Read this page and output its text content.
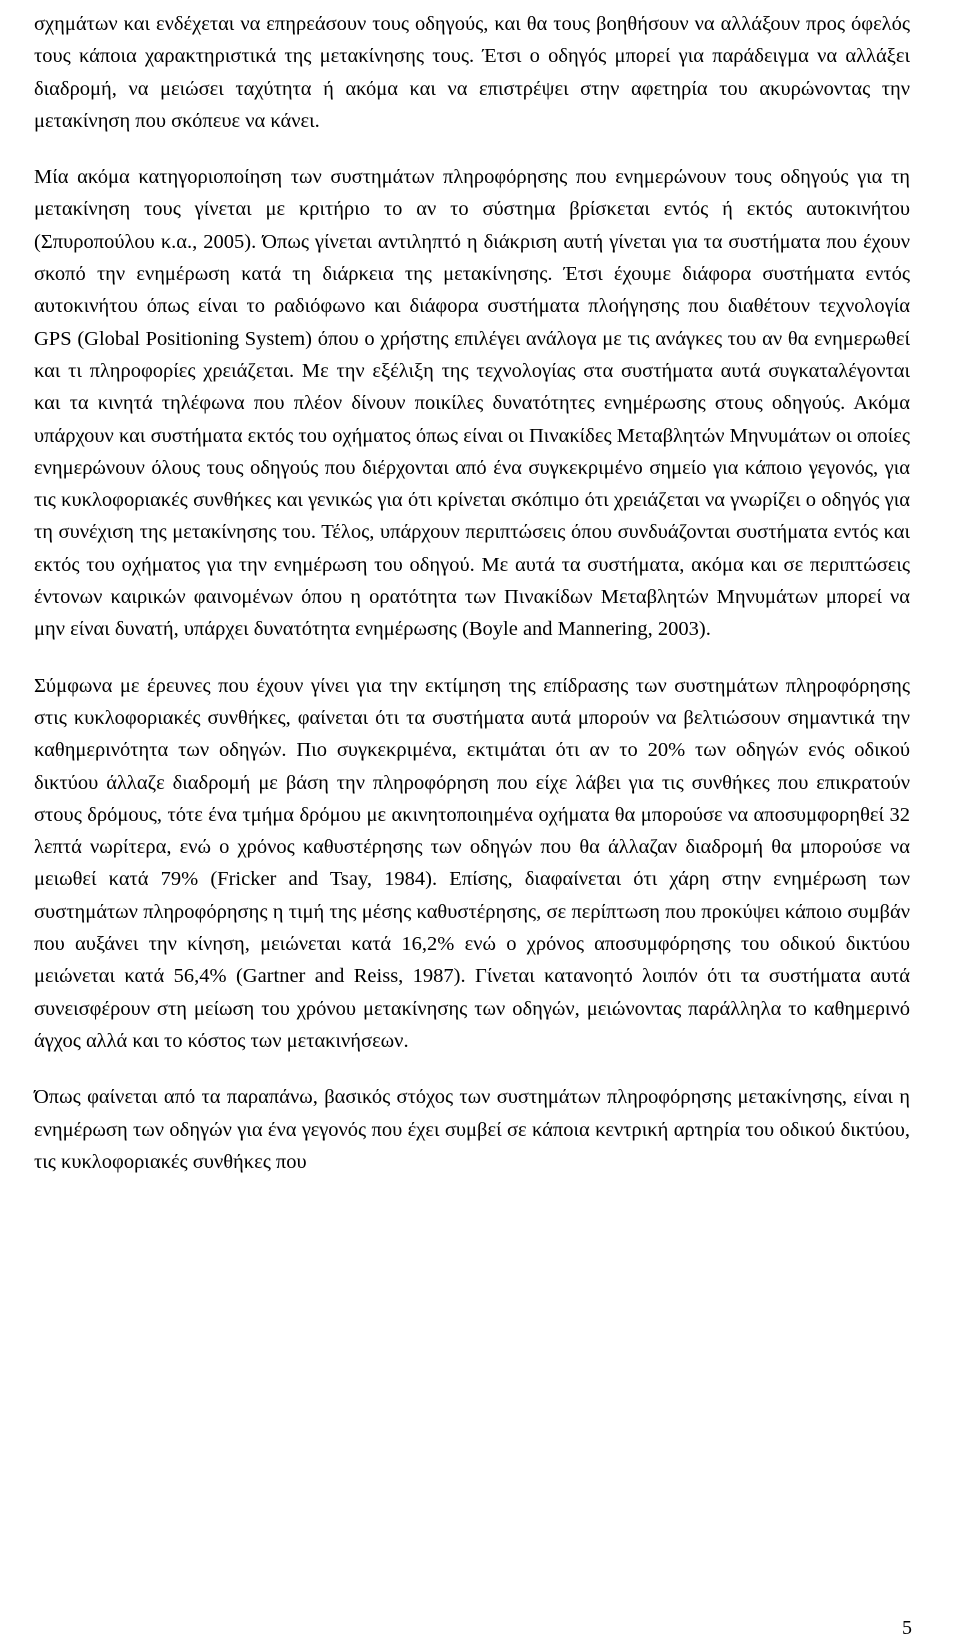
σχημάτων και ενδέχεται να επηρεάσουν τους οδηγούς, και θα τους βοηθήσουν να αλλάξουν προς όφελός τους κάποια χαρακτηριστικά της μετακίνησης τους. Έτσι ο οδηγός μπορεί για παράδειγμα να αλλάξει διαδρομή, να μειώσει ταχύτητα ή ακόμα και να επιστρέψει στην αφετηρία του ακυρώνοντας την μετακίνηση που σκόπευε να κάνει.

Μία ακόμα κατηγοριοποίηση των συστημάτων πληροφόρησης που ενημερώνουν τους οδηγούς για τη μετακίνηση τους γίνεται με κριτήριο το αν το σύστημα βρίσκεται εντός ή εκτός αυτοκινήτου (Σπυροπούλου κ.α., 2005). Όπως γίνεται αντιληπτό η διάκριση αυτή γίνεται για τα συστήματα που έχουν σκοπό την ενημέρωση κατά τη διάρκεια της μετακίνησης. Έτσι έχουμε διάφορα συστήματα εντός αυτοκινήτου όπως είναι το ραδιόφωνο και διάφορα συστήματα πλοήγησης που διαθέτουν τεχνολογία GPS (Global Positioning System) όπου ο χρήστης επιλέγει ανάλογα με τις ανάγκες του αν θα ενημερωθεί και τι πληροφορίες χρειάζεται. Με την εξέλιξη της τεχνολογίας στα συστήματα αυτά συγκαταλέγονται και τα κινητά τηλέφωνα που πλέον δίνουν ποικίλες δυνατότητες ενημέρωσης στους οδηγούς. Ακόμα υπάρχουν και συστήματα εκτός του οχήματος όπως είναι οι Πινακίδες Μεταβλητών Μηνυμάτων οι οποίες ενημερώνουν όλους τους οδηγούς που διέρχονται από ένα συγκεκριμένο σημείο για κάποιο γεγονός, για τις κυκλοφοριακές συνθήκες και γενικώς για ότι κρίνεται σκόπιμο ότι χρειάζεται να γνωρίζει ο οδηγός για τη συνέχιση της μετακίνησης του. Τέλος, υπάρχουν περιπτώσεις όπου συνδυάζονται συστήματα εντός και εκτός του οχήματος για την ενημέρωση του οδηγού. Με αυτά τα συστήματα, ακόμα και σε περιπτώσεις έντονων καιρικών φαινομένων όπου η ορατότητα των Πινακίδων Μεταβλητών Μηνυμάτων μπορεί να μην είναι δυνατή, υπάρχει δυνατότητα ενημέρωσης (Boyle and Mannering, 2003).

Σύμφωνα με έρευνες που έχουν γίνει για την εκτίμηση της επίδρασης των συστημάτων πληροφόρησης στις κυκλοφοριακές συνθήκες, φαίνεται ότι τα συστήματα αυτά μπορούν να βελτιώσουν σημαντικά την καθημερινότητα των οδηγών. Πιο συγκεκριμένα, εκτιμάται ότι αν το 20% των οδηγών ενός οδικού δικτύου άλλαζε διαδρομή με βάση την πληροφόρηση που είχε λάβει για τις συνθήκες που επικρατούν στους δρόμους, τότε ένα τμήμα δρόμου με ακινητοποιημένα οχήματα θα μπορούσε να αποσυμφορηθεί 32 λεπτά νωρίτερα, ενώ ο χρόνος καθυστέρησης των οδηγών που θα άλλαζαν διαδρομή θα μπορούσε να μειωθεί κατά 79% (Fricker and Tsay, 1984). Επίσης, διαφαίνεται ότι χάρη στην ενημέρωση των συστημάτων πληροφόρησης η τιμή της μέσης καθυστέρησης, σε περίπτωση που προκύψει κάποιο συμβάν που αυξάνει την κίνηση, μειώνεται κατά 16,2% ενώ ο χρόνος αποσυμφόρησης του οδικού δικτύου μειώνεται κατά 56,4% (Gartner and Reiss, 1987). Γίνεται κατανοητό λοιπόν ότι τα συστήματα αυτά συνεισφέρουν στη μείωση του χρόνου μετακίνησης των οδηγών, μειώνοντας παράλληλα το καθημερινό άγχος αλλά και το κόστος των μετακινήσεων.

Όπως φαίνεται από τα παραπάνω, βασικός στόχος των συστημάτων πληροφόρησης μετακίνησης, είναι η ενημέρωση των οδηγών για ένα γεγονός που έχει συμβεί σε κάποια κεντρική αρτηρία του οδικού δικτύου, τις κυκλοφοριακές συνθήκες που

5
